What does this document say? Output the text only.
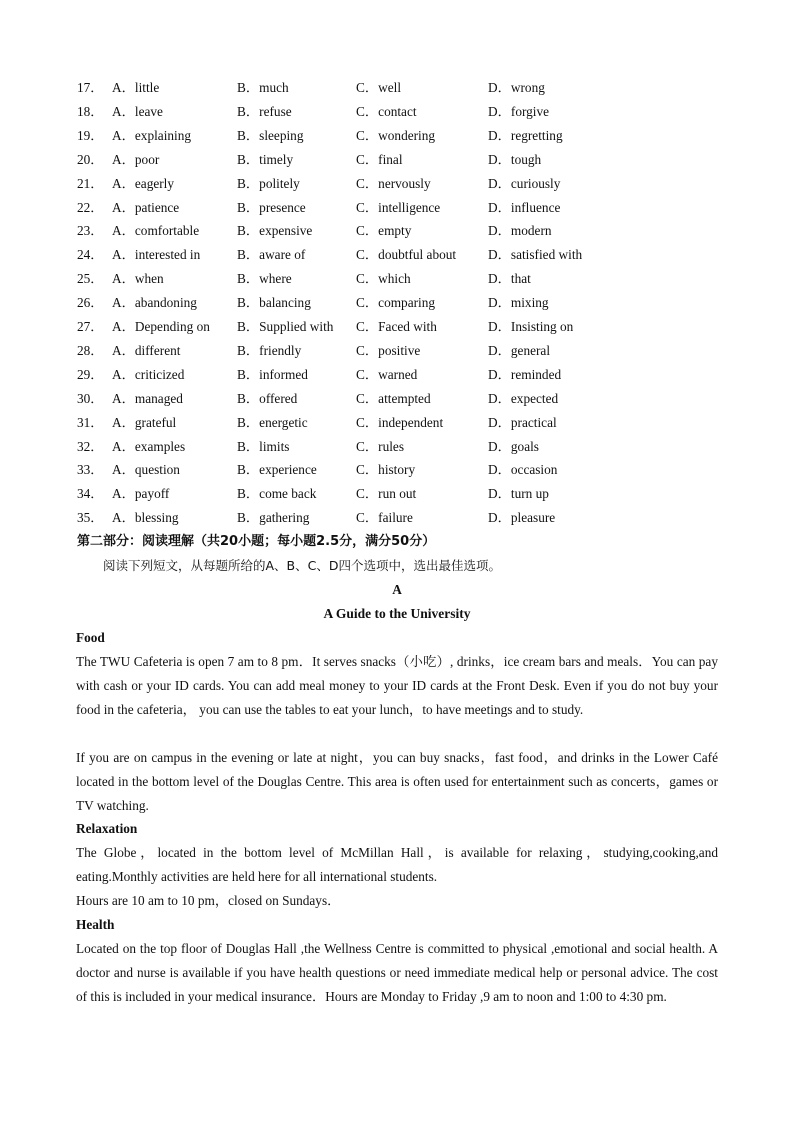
17． A．little	B．much	C．well	D．wrong
18． A．leave	B．refuse	C．contact	D．forgive
19． A．explaining	B．sleeping	C．wondering	D．regretting
20． A．poor	B．timely	C．final	D．tough
21． A．eagerly	B．politely	C．nervously	D．curiously
22． A．patience	B．presence	C．intelligence	D．influence
23． A．comfortable	B．expensive	C．empty	D．modern
24． A．interested in	B．aware of	C．doubtful about D．satisfied with
25． A．when	B．where	C．which	D．that
26． A．abandoning	B．balancing	C．comparing	D．mixing
27． A．Depending on B．Supplied with C．Faced with	D．Insisting on
28． A．different	B．friendly	C．positive	D．general
29． A．criticized	B．informed	C．warned	D．reminded
30． A．managed	B．offered	C．attempted	D．expected
31． A．grateful	B．energetic	C．independent	D．practical
32． A．examples	B．limits	C．rules	D．goals
33． A．question	B．experience	C．history	D．occasion
34． A．payoff	B．come back	C．run out	D．turn up
35． A．blessing	B．gathering	C．failure	D．pleasure
第二部分：阅读理解（共20小题；每小题2.5分，满分50分）
阅读下列短文，从每题所给的A、B、C、D四个选项中，选出最佳选项。
A
A Guide to the University
Food
The TWU Cafeteria is open 7 am to 8 pm．It serves snacks（小吃）, drinks，ice cream bars and meals．You can pay with cash or your ID cards. You can add meal money to your ID cards at the Front Desk. Even if you do not buy your food in the cafeteria， you can use the tables to eat your lunch，to have meetings and to study.
If you are on campus in the evening or late at night，you can buy snacks，fast food，and drinks in the Lower Café located in the bottom level of the Douglas Centre. This area is often used for entertainment such as concerts，games or TV watching.
Relaxation
The Globe，located in the bottom level of McMillan Hall，is available for relaxing，studying,cooking,and eating.Monthly activities are held here for all international students.
Hours are 10 am to 10 pm，closed on Sundays．
Health
Located on the top floor of Douglas Hall ,the Wellness Centre is committed to physical ,emotional and social health. A doctor and nurse is available if you have health questions or need immediate medical help or personal advice. The cost of this is included in your medical insurance．Hours are Monday to Friday ,9 am to noon and 1:00 to 4:30 pm.
